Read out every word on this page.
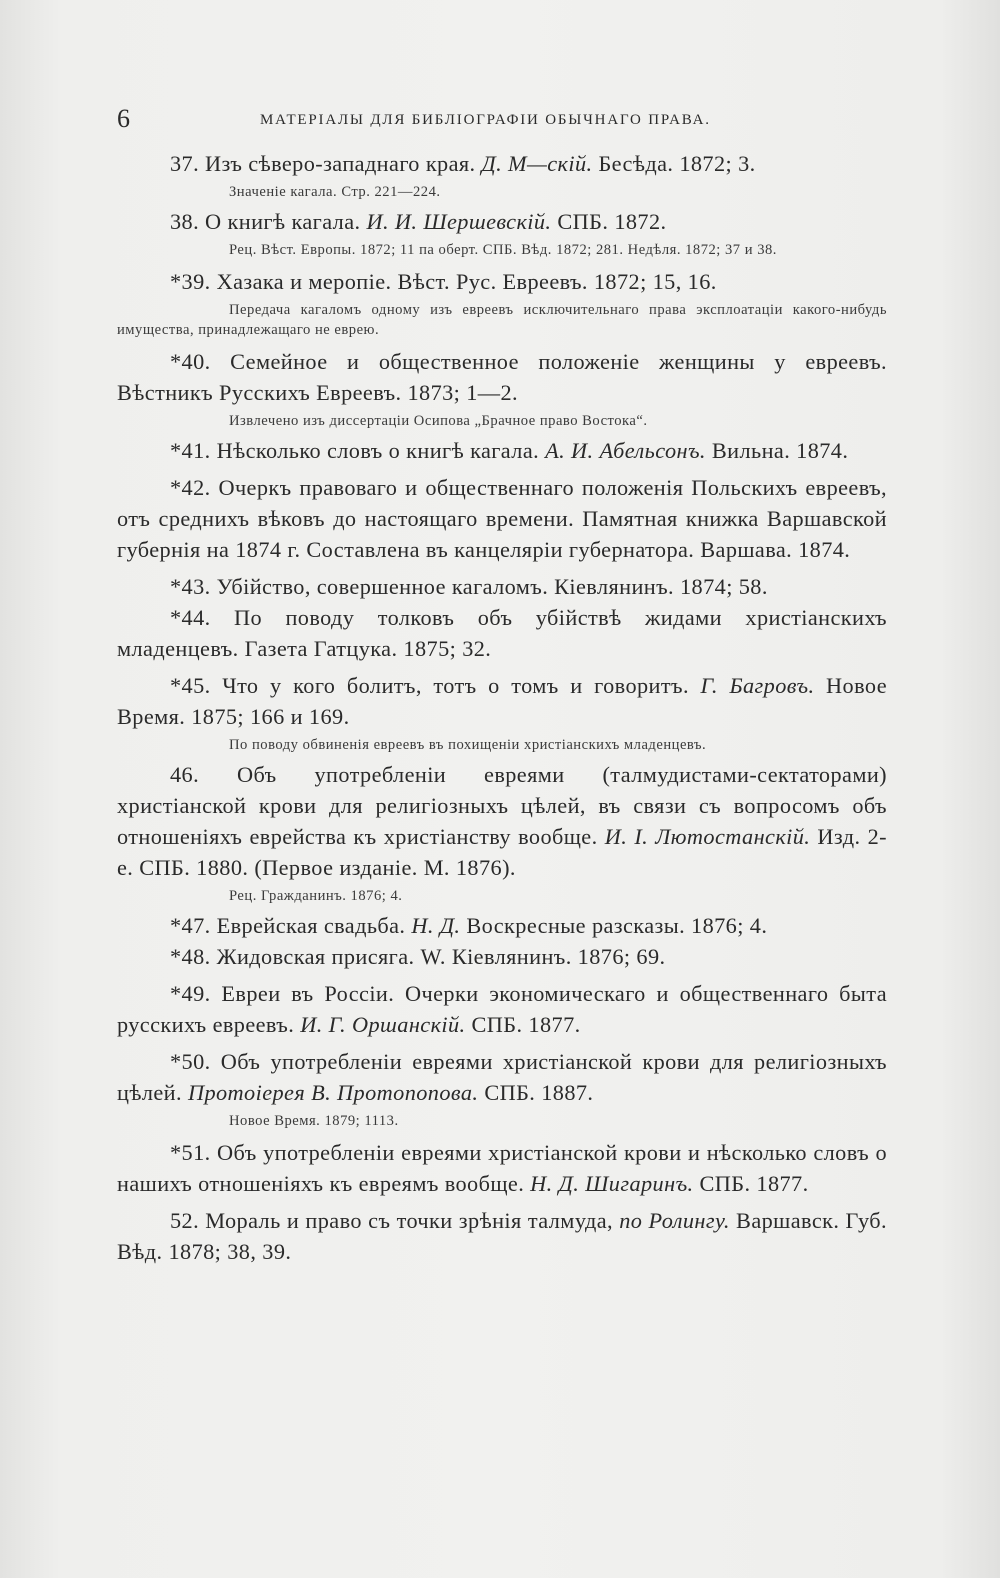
6	МАТЕРIАЛЫ ДЛЯ БИБЛIОГРАФIИ ОБЫЧНАГО ПРАВА.
37. Изъ сѣверо-западнаго края. Д. М—скій. Бесѣда. 1872; 3.
Значеніе кагала. Стр. 221—224.
38. О книгѣ кагала. И. И. Шершевскій. СПБ. 1872.
Рец. Вѣст. Европы. 1872; 11 па оберт. СПБ. Вѣд. 1872; 281. Недѣля. 1872; 37 и 38.
*39. Хазака и меропіе. Вѣст. Рус. Евреевъ. 1872; 15, 16.
Передача кагаломъ одному изъ евреевъ исключительнаго права эксплоатаціи какого-нибудь имущества, принадлежащаго не еврею.
*40. Семейное и общественное положеніе женщины у евреевъ. Вѣстникъ Русскихъ Евреевъ. 1873; 1—2.
Извлечено изъ диссертаціи Осипова „Брачное право Востока“.
*41. Нѣсколько словъ о книгѣ кагала. А. И. Абельсонъ. Вильна. 1874.
*42. Очеркъ правоваго и общественнаго положенія Польскихъ евреевъ, отъ среднихъ вѣковъ до настоящаго времени. Памятная книжка Варшавской губернія на 1874 г. Составлена въ канцеляріи губернатора. Варшава. 1874.
*43. Убійство, совершенное кагаломъ. Кіевлянинъ. 1874; 58.
*44. По поводу толковъ объ убійствѣ жидами христіанскихъ младенцевъ. Газета Гатцука. 1875; 32.
*45. Что у кого болитъ, тотъ о томъ и говоритъ. Г. Багровъ. Новое Время. 1875; 166 и 169.
По поводу обвиненія евреевъ въ похищеніи христіанскихъ младенцевъ.
46. Объ употребленіи евреями (талмудистами-сектаторами) христіанской крови для религіозныхъ цѣлей, въ связи съ вопросомъ объ отношеніяхъ еврейства къ христіанству вообще. И. І. Лютостанскій. Изд. 2-е. СПБ. 1880. (Первое изданіе. М. 1876).
Рец. Гражданинъ. 1876; 4.
*47. Еврейская свадьба. Н. Д. Воскресные разсказы. 1876; 4.
*48. Жидовская присяга. W. Кіевлянинъ. 1876; 69.
*49. Евреи въ Россіи. Очерки экономическаго и общественнаго быта русскихъ евреевъ. И. Г. Оршанскій. СПБ. 1877.
*50. Объ употребленіи евреями христіанской крови для религіозныхъ цѣлей. Протоіерея В. Протопопова. СПБ. 1887.
Новое Время. 1879; 1113.
*51. Объ употребленіи евреями христіанской крови и нѣсколько словъ о нашихъ отношеніяхъ къ евреямъ вообще. Н. Д. Шигаринъ. СПБ. 1877.
52. Мораль и право съ точки зрѣнія талмуда, по Ролингу. Варшавск. Губ. Вѣд. 1878; 38, 39.
